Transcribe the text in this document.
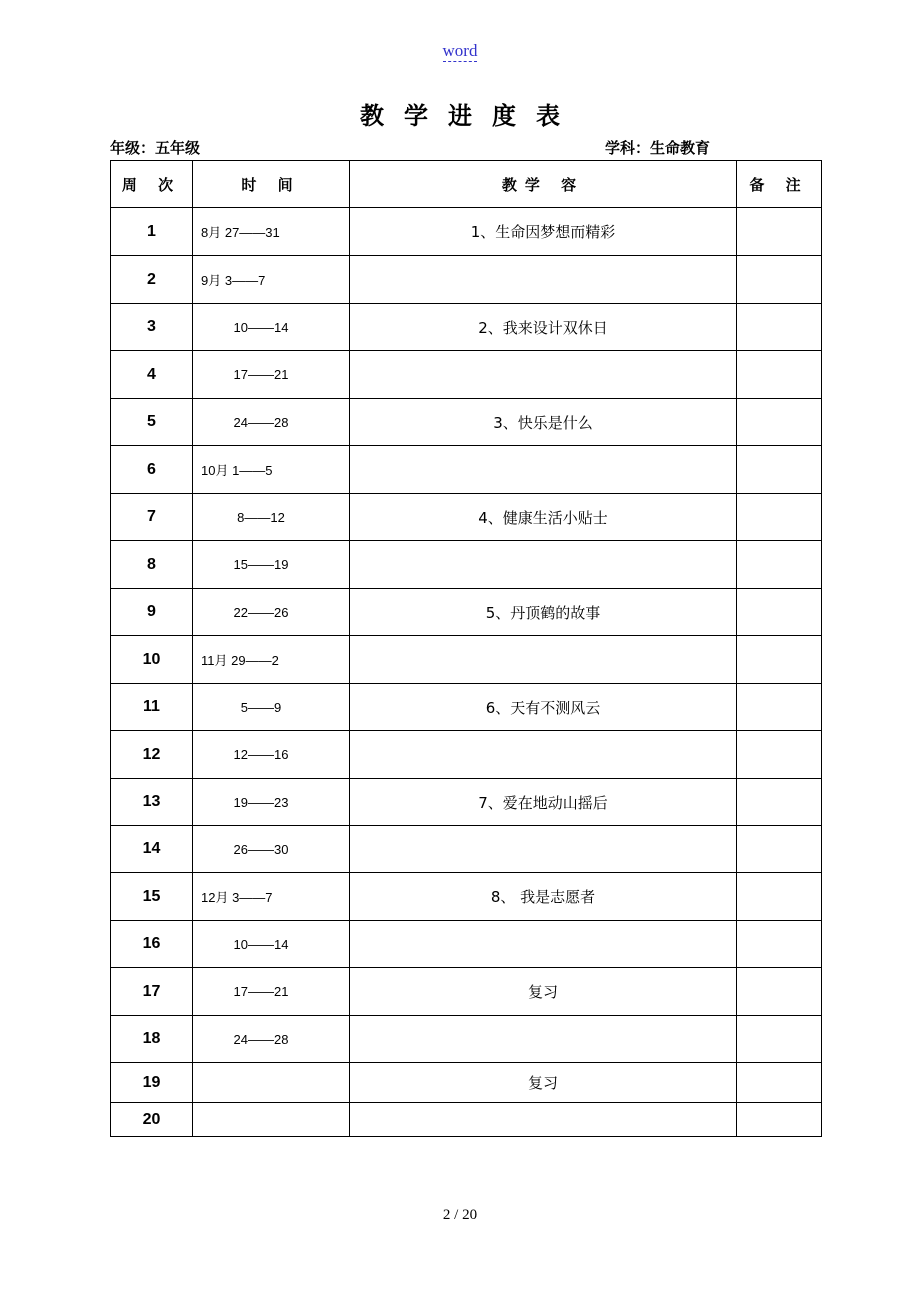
word
教学进度表
年级：五年级	学科：生命教育
周 次	时 间	教学 容	备 注
1	8月 27——31	1、生命因梦想而精彩	
2	9月 3——7		
3	10——14	2、我来设计双休日	
4	17——21		
5	24——28	3、快乐是什么	
6	10月 1——5		
7	8——12	4、健康生活小贴士	
8	15——19		
9	22——26	5、丹顶鹤的故事	
10	11月 29——2		
11	5——9	6、天有不测风云	
12	12——16		
13	19——23	7、爱在地动山摇后	
14	26——30		
15	12月 3——7	8、 我是志愿者	
16	10——14		
17	17——21	复习	
18	24——28		
19		复习	
20			
2 / 20
